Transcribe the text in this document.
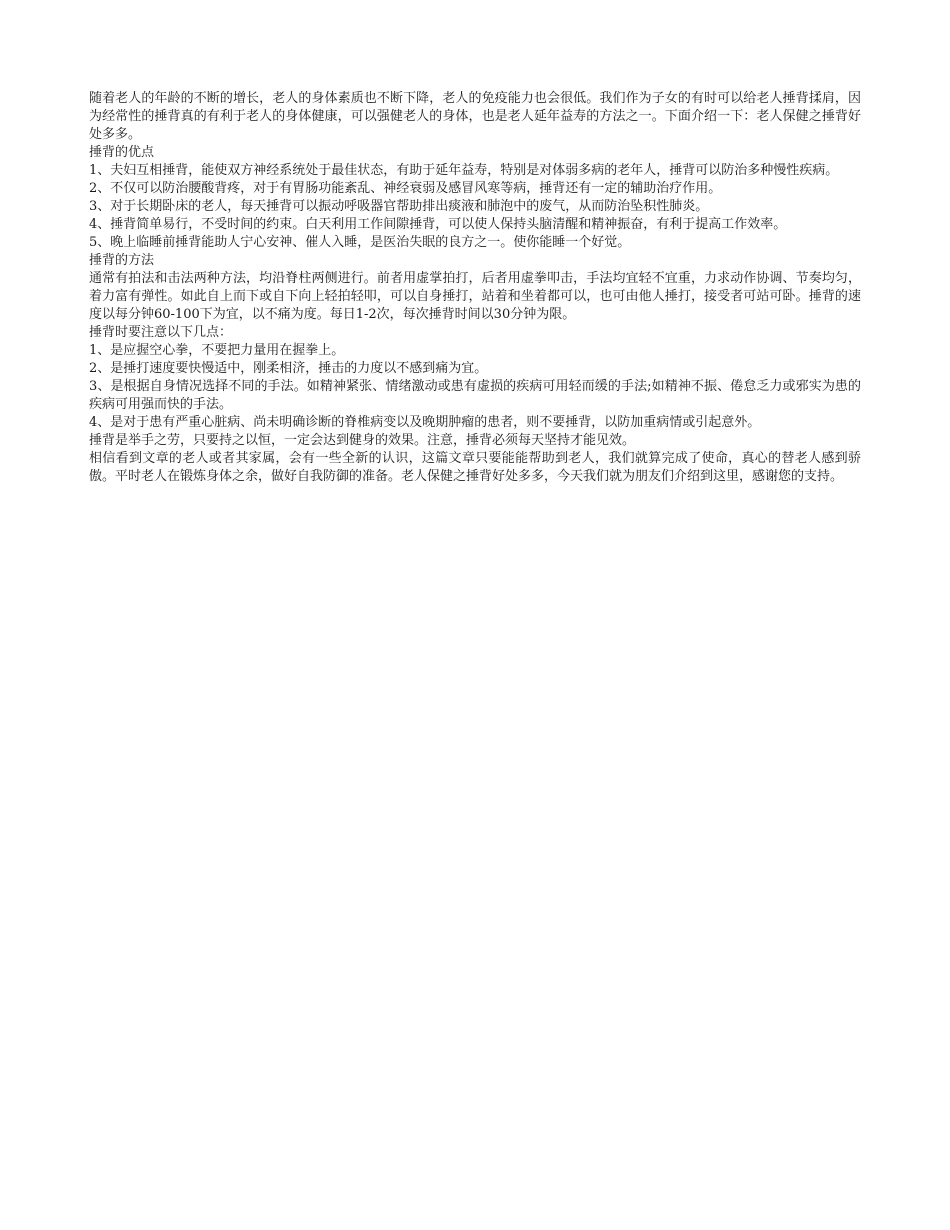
随着老人的年龄的不断的增长，老人的身体素质也不断下降，老人的免疫能力也会很低。我们作为子女的有时可以给老人捶背揉肩，因为经常性的捶背真的有利于老人的身体健康，可以强健老人的身体，也是老人延年益寿的方法之一。下面介绍一下：老人保健之捶背好处多多。

捶背的优点

1、夫妇互相捶背，能使双方神经系统处于最佳状态，有助于延年益寿，特别是对体弱多病的老年人，捶背可以防治多种慢性疾病。

2、不仅可以防治腰酸背疼，对于有胃肠功能紊乱、神经衰弱及感冒风寒等病，捶背还有一定的辅助治疗作用。

3、对于长期卧床的老人，每天捶背可以振动呼吸器官帮助排出痰液和肺泡中的废气，从而防治坠积性肺炎。

4、捶背简单易行，不受时间的约束。白天利用工作间隙捶背，可以使人保持头脑清醒和精神振奋，有利于提高工作效率。

5、晚上临睡前捶背能助人宁心安神、催人入睡，是医治失眠的良方之一。使你能睡一个好觉。

捶背的方法

通常有拍法和击法两种方法，均沿脊柱两侧进行。前者用虚掌拍打，后者用虚拳叩击，手法均宜轻不宜重，力求动作协调、节奏均匀，着力富有弹性。如此自上而下或自下向上轻拍轻叩，可以自身捶打，站着和坐着都可以，也可由他人捶打，接受者可站可卧。捶背的速度以每分钟60-100下为宜，以不痛为度。每日1-2次，每次捶背时间以30分钟为限。

捶背时要注意以下几点：

1、是应握空心拳，不要把力量用在握拳上。

2、是捶打速度要快慢适中，刚柔相济，捶击的力度以不感到痛为宜。

3、是根据自身情况选择不同的手法。如精神紧张、情绪激动或患有虚损的疾病可用轻而缓的手法;如精神不振、倦怠乏力或邪实为患的疾病可用强而快的手法。

4、是对于患有严重心脏病、尚未明确诊断的脊椎病变以及晚期肿瘤的患者，则不要捶背，以防加重病情或引起意外。

捶背是举手之劳，只要持之以恒，一定会达到健身的效果。注意，捶背必须每天坚持才能见效。

相信看到文章的老人或者其家属，会有一些全新的认识，这篇文章只要能能帮助到老人，我们就算完成了使命，真心的替老人感到骄傲。平时老人在锻炼身体之余，做好自我防御的准备。老人保健之捶背好处多多，今天我们就为朋友们介绍到这里，感谢您的支持。
